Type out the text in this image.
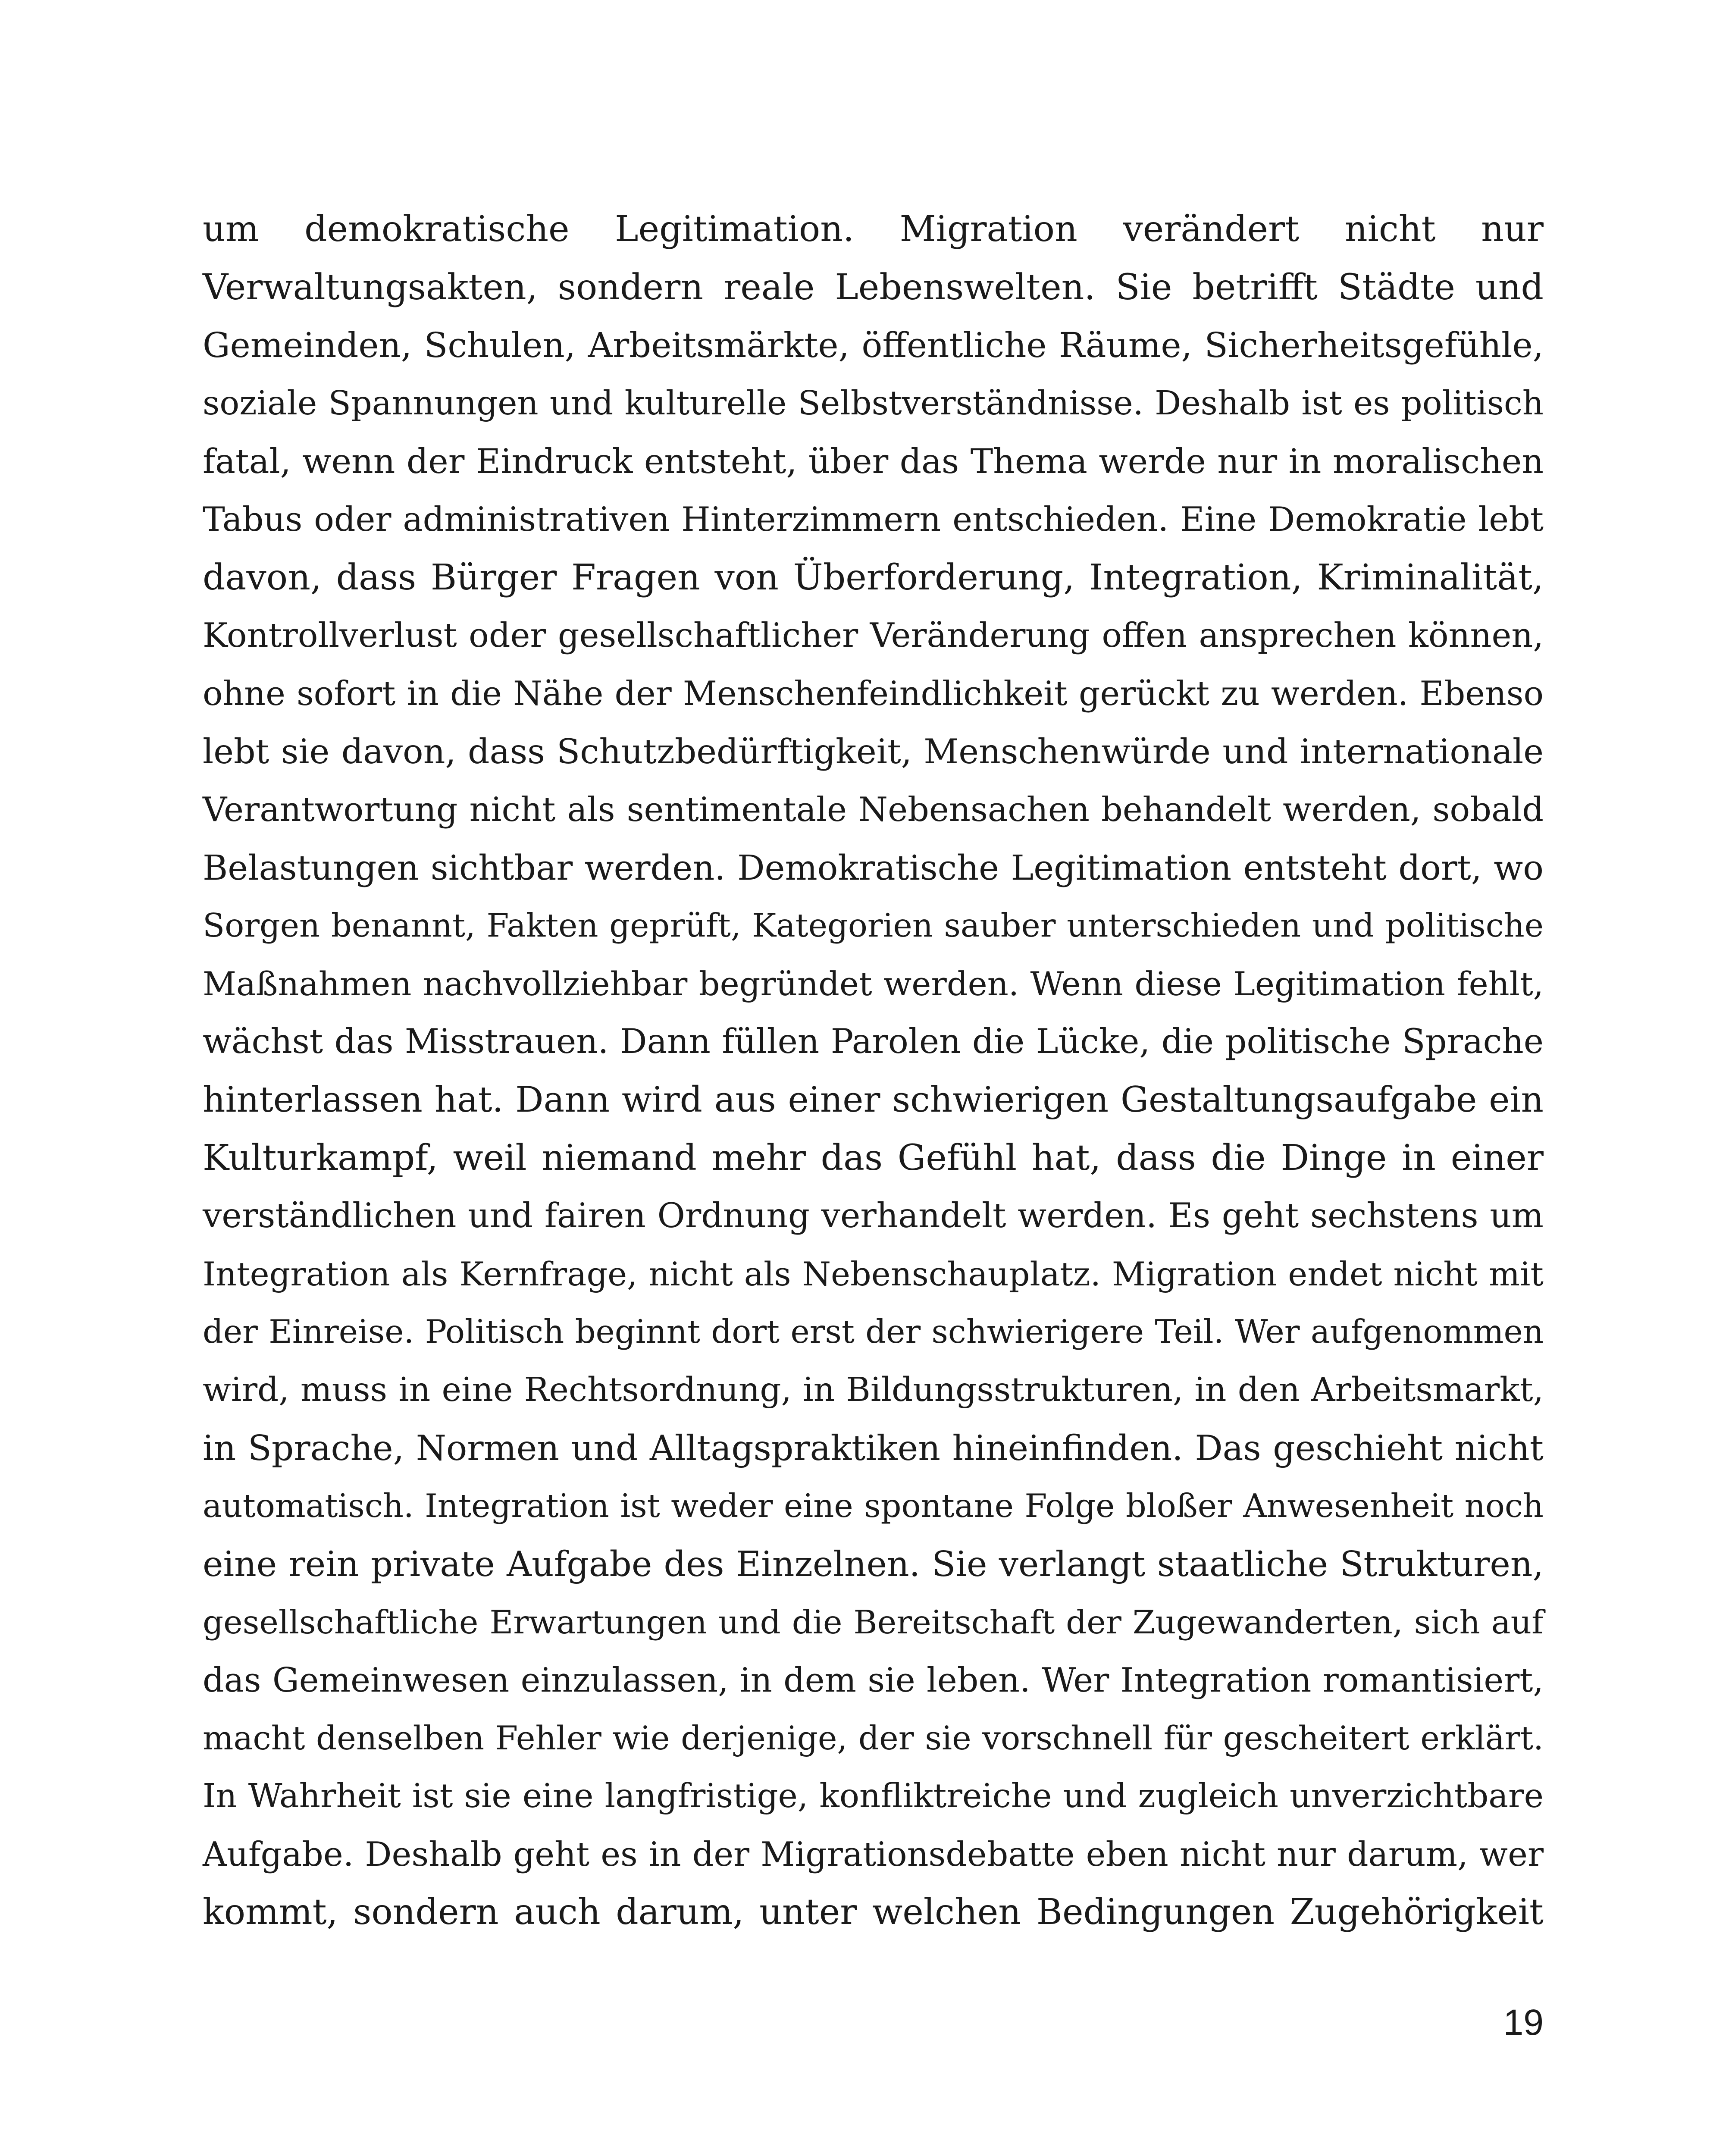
um demokratische Legitimation. Migration verändert nicht nur
Verwaltungsakten, sondern reale Lebenswelten. Sie betrifft Städte und
Gemeinden, Schulen, Arbeitsmärkte, öffentliche Räume, Sicherheitsgefühle,
soziale Spannungen und kulturelle Selbstverständnisse. Deshalb ist es politisch
fatal, wenn der Eindruck entsteht, über das Thema werde nur in moralischen
Tabus oder administrativen Hinterzimmern entschieden. Eine Demokratie lebt
davon, dass Bürger Fragen von Überforderung, Integration, Kriminalität,
Kontrollverlust oder gesellschaftlicher Veränderung offen ansprechen können,
ohne sofort in die Nähe der Menschenfeindlichkeit gerückt zu werden. Ebenso
lebt sie davon, dass Schutzbedürftigkeit, Menschenwürde und internationale
Verantwortung nicht als sentimentale Nebensachen behandelt werden, sobald
Belastungen sichtbar werden. Demokratische Legitimation entsteht dort, wo
Sorgen benannt, Fakten geprüft, Kategorien sauber unterschieden und politische
Maßnahmen nachvollziehbar begründet werden. Wenn diese Legitimation fehlt,
wächst das Misstrauen. Dann füllen Parolen die Lücke, die politische Sprache
hinterlassen hat. Dann wird aus einer schwierigen Gestaltungsaufgabe ein
Kulturkampf, weil niemand mehr das Gefühl hat, dass die Dinge in einer
verständlichen und fairen Ordnung verhandelt werden. Es geht sechstens um
Integration als Kernfrage, nicht als Nebenschauplatz. Migration endet nicht mit
der Einreise. Politisch beginnt dort erst der schwierigere Teil. Wer aufgenommen
wird, muss in eine Rechtsordnung, in Bildungsstrukturen, in den Arbeitsmarkt,
in Sprache, Normen und Alltagspraktiken hineinfinden. Das geschieht nicht
automatisch. Integration ist weder eine spontane Folge bloßer Anwesenheit noch
eine rein private Aufgabe des Einzelnen. Sie verlangt staatliche Strukturen,
gesellschaftliche Erwartungen und die Bereitschaft der Zugewanderten, sich auf
das Gemeinwesen einzulassen, in dem sie leben. Wer Integration romantisiert,
macht denselben Fehler wie derjenige, der sie vorschnell für gescheitert erklärt.
In Wahrheit ist sie eine langfristige, konfliktreiche und zugleich unverzichtbare
Aufgabe. Deshalb geht es in der Migrationsdebatte eben nicht nur darum, wer
kommt, sondern auch darum, unter welchen Bedingungen Zugehörigkeit
19
